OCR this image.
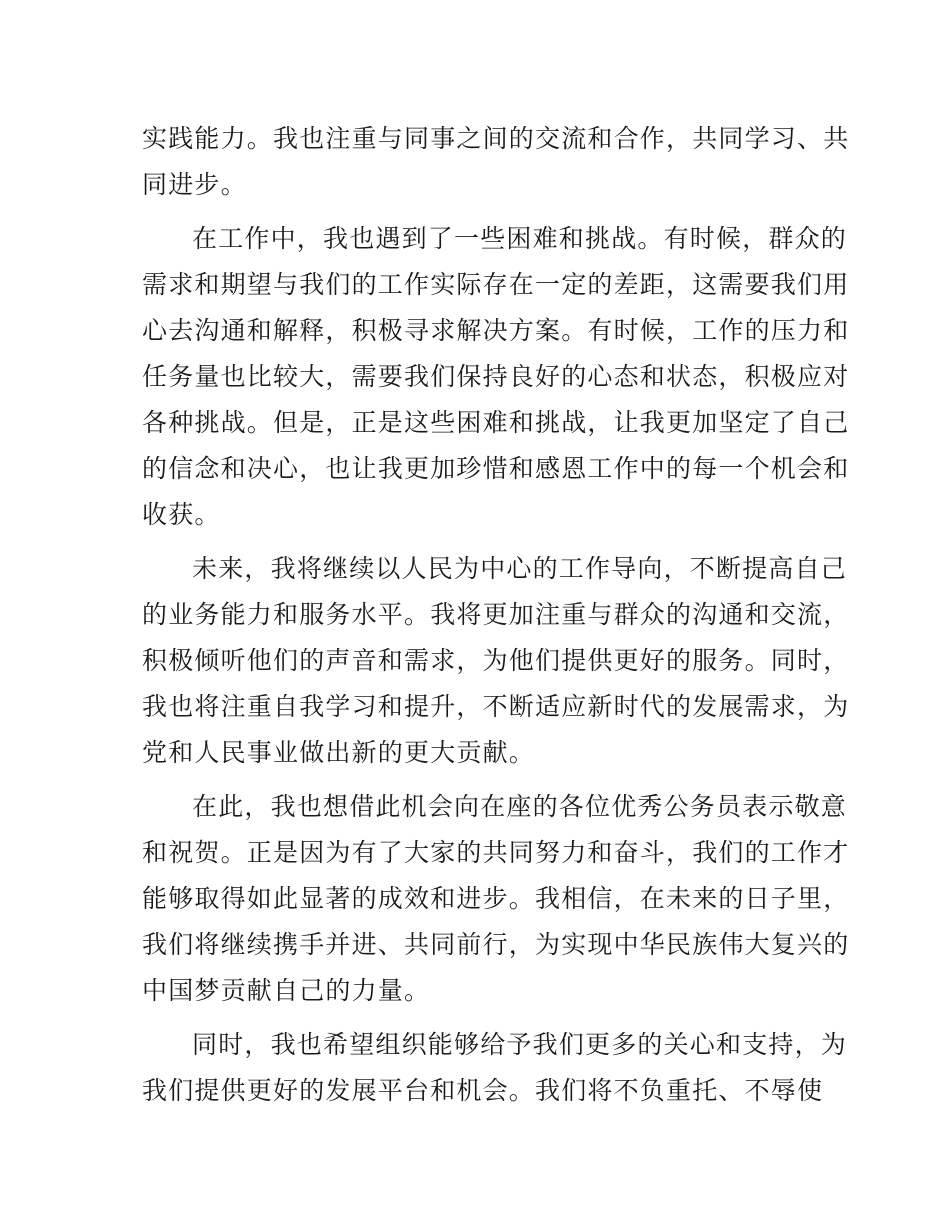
实践能力。我也注重与同事之间的交流和合作，共同学习、共
同进步。

在工作中，我也遇到了一些困难和挑战。有时候，群众的
需求和期望与我们的工作实际存在一定的差距，这需要我们用
心去沟通和解释，积极寻求解决方案。有时候，工作的压力和
任务量也比较大，需要我们保持良好的心态和状态，积极应对
各种挑战。但是，正是这些困难和挑战，让我更加坚定了自己
的信念和决心，也让我更加珍惜和感恩工作中的每一个机会和
收获。

未来，我将继续以人民为中心的工作导向，不断提高自己
的业务能力和服务水平。我将更加注重与群众的沟通和交流，
积极倾听他们的声音和需求，为他们提供更好的服务。同时，
我也将注重自我学习和提升，不断适应新时代的发展需求，为
党和人民事业做出新的更大贡献。

在此，我也想借此机会向在座的各位优秀公务员表示敬意
和祝贺。正是因为有了大家的共同努力和奋斗，我们的工作才
能够取得如此显著的成效和进步。我相信，在未来的日子里，
我们将继续携手并进、共同前行，为实现中华民族伟大复兴的
中国梦贡献自己的力量。

同时，我也希望组织能够给予我们更多的关心和支持，为
我们提供更好的发展平台和机会。我们将不负重托、不辱使
